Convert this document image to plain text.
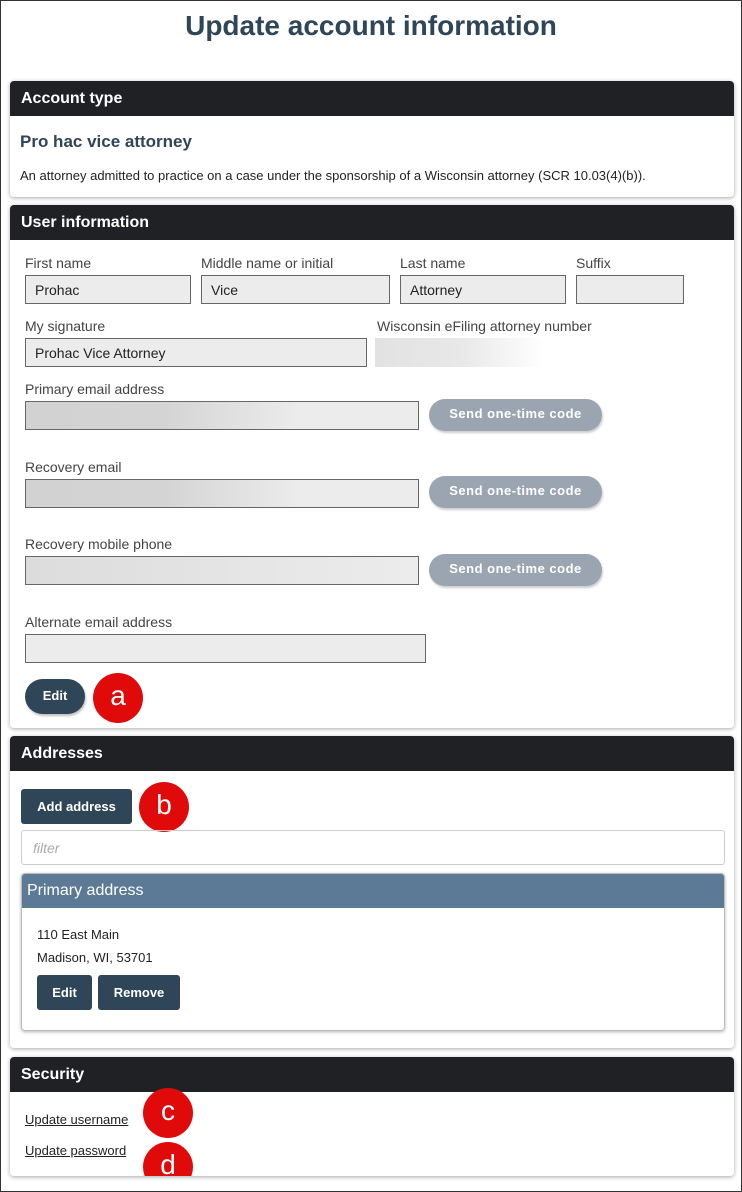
Update account information
Account type
Pro hac vice attorney
An attorney admitted to practice on a case under the sponsorship of a Wisconsin attorney (SCR 10.03(4)(b)).
User information
First name
Prohac
Middle name or initial
Vice
Last name
Attorney
Suffix
My signature
Prohac Vice Attorney
Wisconsin eFiling attorney number
Primary email address
Send one-time code
Recovery email
Send one-time code
Recovery mobile phone
Send one-time code
Alternate email address
Edit	a
Addresses
Add address	b
filter
Primary address
110 East Main
Madison, WI, 53701
Edit	Remove
Security
Update username
Update password
c
d
